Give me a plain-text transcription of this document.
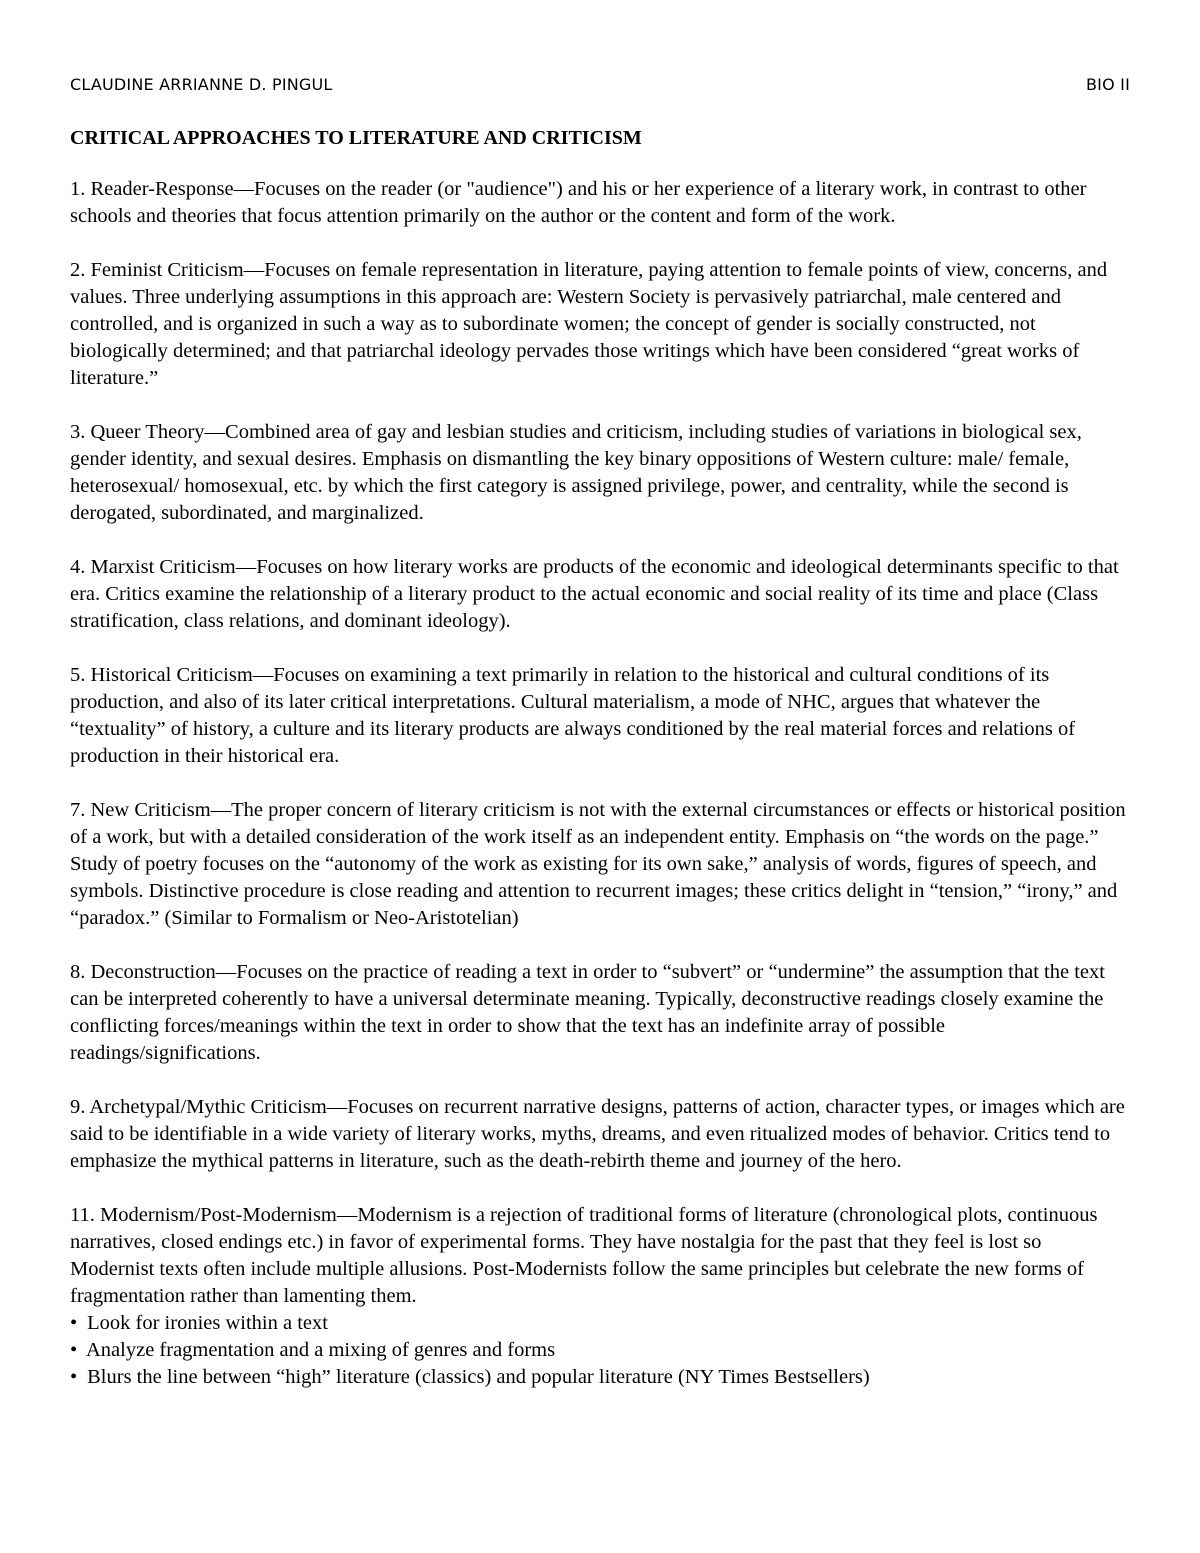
CLAUDINE ARRIANNE D. PINGUL	BIO II
CRITICAL APPROACHES TO LITERATURE AND CRITICISM
1. Reader-Response—Focuses on the reader (or "audience") and his or her experience of a literary work, in contrast to other schools and theories that focus attention primarily on the author or the content and form of the work.
2. Feminist Criticism—Focuses on female representation in literature, paying attention to female points of view, concerns, and values. Three underlying assumptions in this approach are: Western Society is pervasively patriarchal, male centered and controlled, and is organized in such a way as to subordinate women; the concept of gender is socially constructed, not biologically determined; and that patriarchal ideology pervades those writings which have been considered “great works of literature.”
3. Queer Theory—Combined area of gay and lesbian studies and criticism, including studies of variations in biological sex, gender identity, and sexual desires. Emphasis on dismantling the key binary oppositions of Western culture: male/ female, heterosexual/ homosexual, etc. by which the first category is assigned privilege, power, and centrality, while the second is derogated, subordinated, and marginalized.
4. Marxist Criticism—Focuses on how literary works are products of the economic and ideological determinants specific to that era. Critics examine the relationship of a literary product to the actual economic and social reality of its time and place (Class stratification, class relations, and dominant ideology).
5. Historical Criticism—Focuses on examining a text primarily in relation to the historical and cultural conditions of its production, and also of its later critical interpretations. Cultural materialism, a mode of NHC, argues that whatever the “textuality” of history, a culture and its literary products are always conditioned by the real material forces and relations of production in their historical era.
7. New Criticism—The proper concern of literary criticism is not with the external circumstances or effects or historical position of a work, but with a detailed consideration of the work itself as an independent entity. Emphasis on “the words on the page.” Study of poetry focuses on the “autonomy of the work as existing for its own sake,” analysis of words, figures of speech, and symbols. Distinctive procedure is close reading and attention to recurrent images; these critics delight in “tension,” “irony,” and “paradox.” (Similar to Formalism or Neo-Aristotelian)
8. Deconstruction—Focuses on the practice of reading a text in order to “subvert” or “undermine” the assumption that the text can be interpreted coherently to have a universal determinate meaning. Typically, deconstructive readings closely examine the conflicting forces/meanings within the text in order to show that the text has an indefinite array of possible readings/significations.
9. Archetypal/Mythic Criticism—Focuses on recurrent narrative designs, patterns of action, character types, or images which are said to be identifiable in a wide variety of literary works, myths, dreams, and even ritualized modes of behavior. Critics tend to emphasize the mythical patterns in literature, such as the death-rebirth theme and journey of the hero.
11. Modernism/Post-Modernism—Modernism is a rejection of traditional forms of literature (chronological plots, continuous narratives, closed endings etc.) in favor of experimental forms. They have nostalgia for the past that they feel is lost so Modernist texts often include multiple allusions. Post-Modernists follow the same principles but celebrate the new forms of fragmentation rather than lamenting them.
• Look for ironies within a text
• Analyze fragmentation and a mixing of genres and forms
• Blurs the line between “high” literature (classics) and popular literature (NY Times Bestsellers)
